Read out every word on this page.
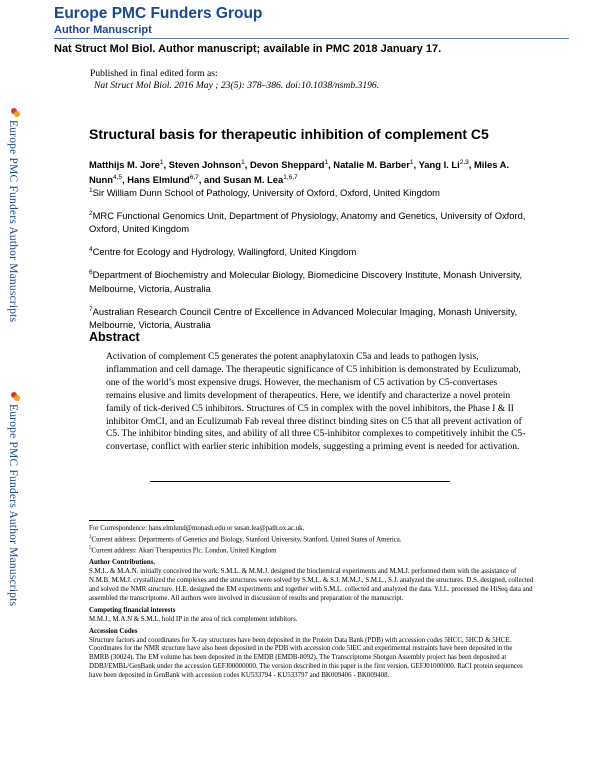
Europe PMC Funders Group
Author Manuscript
Nat Struct Mol Biol. Author manuscript; available in PMC 2018 January 17.
Published in final edited form as:
Nat Struct Mol Biol. 2016 May ; 23(5): 378–386. doi:10.1038/nsmb.3196.
Europe PMC Funders Author Manuscripts
Europe PMC Funders Author Manuscripts
Structural basis for therapeutic inhibition of complement C5
Matthijs M. Jore$^1$, Steven Johnson$^1$, Devon Sheppard$^1$, Natalie M. Barber$^1$, Yang I. Li$^{2,3}$, Miles A. Nunn$^{4,5}$, Hans Elmlund$^{6,7}$, and Susan M. Lea$^{1,6,7}$
$^1$Sir William Dunn School of Pathology, University of Oxford, Oxford, United Kingdom
$^2$MRC Functional Genomics Unit, Department of Physiology, Anatomy and Genetics, University of Oxford, Oxford, United Kingdom
$^4$Centre for Ecology and Hydrology, Wallingford, United Kingdom
$^6$Department of Biochemistry and Molecular Biology, Biomedicine Discovery Institute, Monash University, Melbourne, Victoria, Australia
$^7$Australian Research Council Centre of Excellence in Advanced Molecular Imaging, Monash University, Melbourne, Victoria, Australia
Abstract
Activation of complement C5 generates the potent anaphylatoxin C5a and leads to pathogen lysis, inflammation and cell damage. The therapeutic significance of C5 inhibition is demonstrated by Eculizumab, one of the world’s most expensive drugs. However, the mechanism of C5 activation by C5-convertases remains elusive and limits development of therapeutics. Here, we identify and characterize a novel protein family of tick-derived C5 inhibitors. Structures of C5 in complex with the novel inhibitors, the Phase I & II inhibitor OmCI, and an Eculizumab Fab reveal three distinct binding sites on C5 that all prevent activation of C5. The inhibitor binding sites, and ability of all three C5-inhibitor complexes to competitively inhibit the C5-convertase, conflict with earlier steric inhibition models, suggesting a priming event is needed for activation.

For Correspondence: hans.elmlund@monash.edu or susan.lea@path.ox.ac.uk.

$^3$Current address: Departments of Genetics and Biology, Stanford University, Stanford, United States of America.

$^5$Current address: Akari Therapeutics Plc. London, United Kingdom

Author Contributions.

S.M.L. & M.A.N. initially conceived the work. S.M.L. & M.M.J. designed the biochemical experiments and M.M.J. performed them with the assistance of N.M.B. M.M.J. crystallized the complexes and the structures were solved by S.M.L. & S.J. M.M.J., S.M.L., S.J. analyzed the structures. D.S. designed, collected and solved the NMR structure. H.E. designed the EM experiments and together with S.M.L. collected and analyzed the data. Y.I.L. processed the HiSeq data and assembled the transcriptome. All authors were involved in discussion of results and preparation of the manuscript.

Competing financial interests

M.M.J., M.A.N & S.M.L. hold IP in the area of tick complement inhibitors.

Accession Codes

Structure factors and coordinates for X-ray structures have been deposited in the Protein Data Bank (PDB) with accession codes 5HCC, 5HCD & 5HCE. Coordinates for the NMR structure have also been deposited in the PDB with accession code 5IEC and experimental restraints have been deposited in the BMRB (30024). The EM volume has been deposited in the EMDB (EMDB-8092). The Transcriptome Shotgun Assembly project has been deposited at DDBJ/EMBL/GenBank under the accession GEFJ00000000. The version described in this paper is the first version, GEFJ01000000. RaCI protein sequences have been deposited in GenBank with accession codes KU533794 - KU533797 and BK009406 - BK009408.
